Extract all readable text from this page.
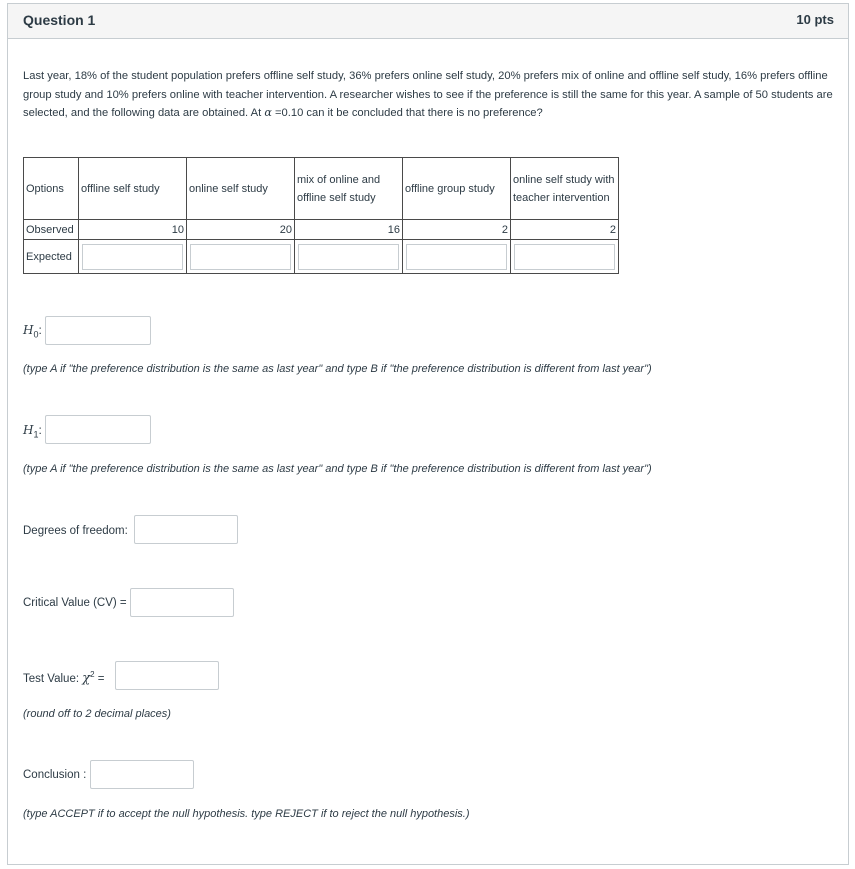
Question 1	10 pts
Last year, 18% of the student population prefers offline self study, 36% prefers online self study, 20% prefers mix of online and offline self study, 16% prefers offline group study and 10% prefers online with teacher intervention. A researcher wishes to see if the preference is still the same for this year. A sample of 50 students are selected, and the following data are obtained. At α =0.10 can it be concluded that there is no preference?
Options	offline self study	online self study	mix of online and offline self study	offline group study	online self study with teacher intervention
Observed	10	20	16	2	2
Expected	

$H_0$:
(type A if "the preference distribution is the same as last year" and type B if "the preference distribution is different from last year")
$H_1$:
(type A if "the preference distribution is the same as last year" and type B if "the preference distribution is different from last year")
Degrees of freedom:
Critical Value (CV) =
Test Value: $\chi^2$ =
(round off to 2 decimal places)
Conclusion :
(type ACCEPT if to accept the null hypothesis. type REJECT if to reject the null hypothesis.)
